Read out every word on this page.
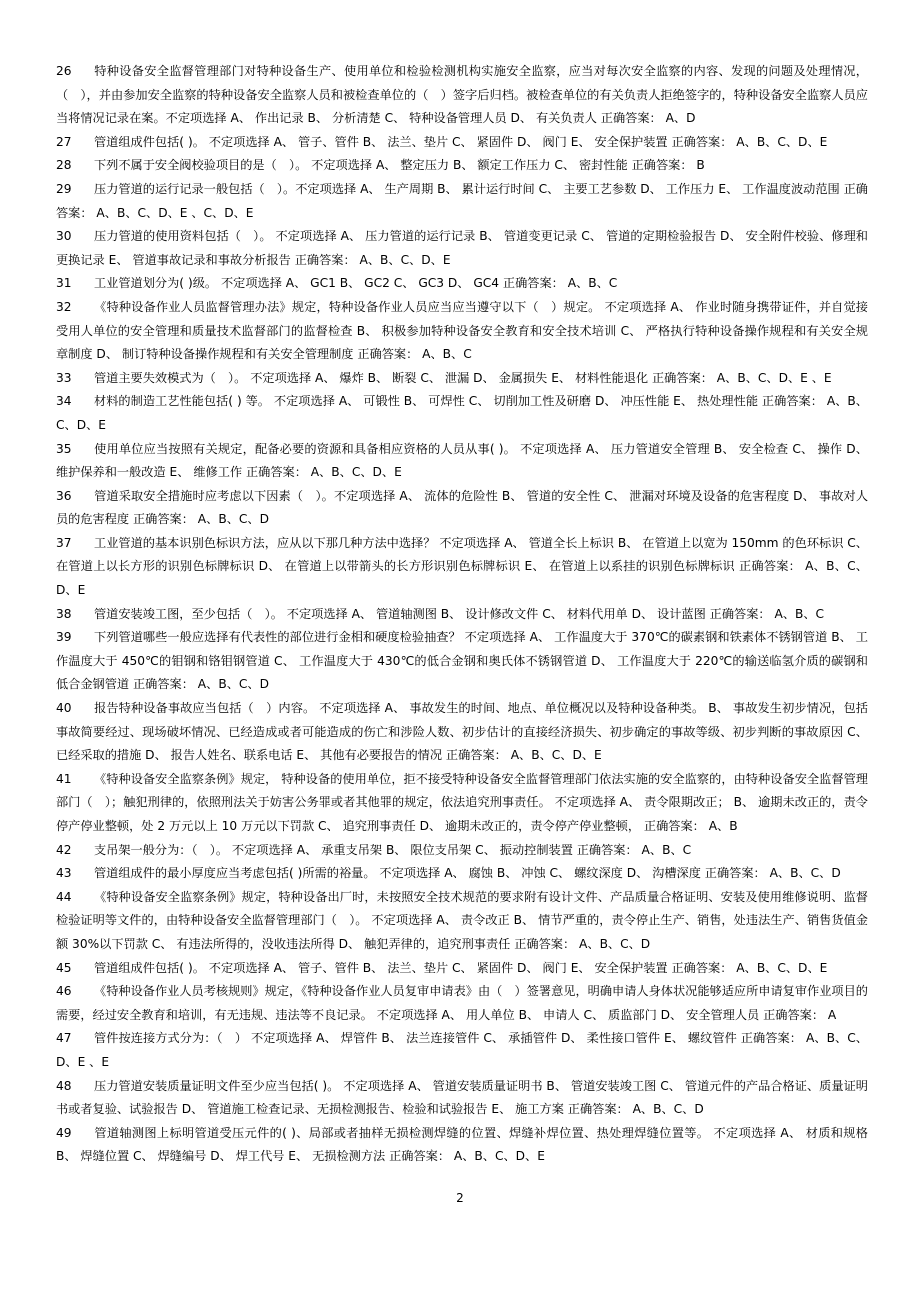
26 特种设备安全监督管理部门对特种设备生产、使用单位和检验检测机构实施安全监察，应当对每次安全监察的内容、发现的问题及处理情况，（　），并由参加安全监察的特种设备安全监察人员和被检查单位的（　）签字后归档。被检查单位的有关负责人拒绝签字的，特种设备安全监察人员应当将情况记录在案。不定项选择 A、 作出记录 B、 分析清楚 C、 特种设备管理人员 D、 有关负责人 正确答案： A、D

27 管道组成件包括( )。 不定项选择 A、 管子、管件 B、 法兰、垫片 C、 紧固件 D、 阀门 E、 安全保护装置 正确答案： A、B、C、D、E

28 下列不属于安全阀校验项目的是（　）。 不定项选择 A、 整定压力 B、 额定工作压力 C、 密封性能 正确答案： B

29 压力管道的运行记录一般包括（　）。不定项选择 A、 生产周期 B、 累计运行时间 C、 主要工艺参数 D、 工作压力 E、 工作温度波动范围 正确答案： A、B、C、D、E 、C、D、E

30 压力管道的使用资料包括（　）。 不定项选择 A、 压力管道的运行记录 B、 管道变更记录 C、 管道的定期检验报告 D、 安全附件校验、修理和更换记录 E、 管道事故记录和事故分析报告 正确答案： A、B、C、D、E

31 工业管道划分为( )级。 不定项选择 A、 GC1 B、 GC2 C、 GC3 D、 GC4 正确答案： A、B、C

32 《特种设备作业人员监督管理办法》规定，特种设备作业人员应当应当遵守以下（　）规定。 不定项选择 A、 作业时随身携带证件，并自觉接受用人单位的安全管理和质量技术监督部门的监督检查 B、 积极参加特种设备安全教育和安全技术培训 C、 严格执行特种设备操作规程和有关安全规章制度 D、 制订特种设备操作规程和有关安全管理制度 正确答案： A、B、C

33 管道主要失效模式为（　）。 不定项选择 A、 爆炸 B、 断裂 C、 泄漏 D、 金属损失 E、 材料性能退化 正确答案： A、B、C、D、E 、E

34 材料的制造工艺性能包括( ) 等。 不定项选择 A、 可锻性 B、 可焊性 C、 切削加工性及研磨 D、 冲压性能 E、 热处理性能 正确答案： A、B、C、D、E

35 使用单位应当按照有关规定，配备必要的资源和具备相应资格的人员从事( )。 不定项选择 A、 压力管道安全管理 B、 安全检查 C、 操作 D、 维护保养和一般改造 E、 维修工作 正确答案： A、B、C、D、E

36 管道采取安全措施时应考虑以下因素（　）。不定项选择 A、 流体的危险性 B、 管道的安全性 C、 泄漏对环境及设备的危害程度 D、 事故对人员的危害程度 正确答案： A、B、C、D

37 工业管道的基本识别色标识方法，应从以下那几种方法中选择？ 不定项选择 A、 管道全长上标识 B、 在管道上以宽为 150mm 的色环标识 C、 在管道上以长方形的识别色标牌标识 D、 在管道上以带箭头的长方形识别色标牌标识 E、 在管道上以系挂的识别色标牌标识 正确答案： A、B、C、D、E

38 管道安装竣工图，至少包括（　）。 不定项选择 A、 管道轴测图 B、 设计修改文件 C、 材料代用单 D、 设计蓝图 正确答案： A、B、C

39 下列管道哪些一般应选择有代表性的部位进行金相和硬度检验抽查？ 不定项选择 A、 工作温度大于 370℃的碳素钢和铁素体不锈钢管道 B、 工作温度大于 450℃的钼钢和铬钼钢管道 C、 工作温度大于 430℃的低合金钢和奥氏体不锈钢管道 D、 工作温度大于 220℃的输送临氢介质的碳钢和低合金钢管道 正确答案： A、B、C、D

40 报告特种设备事故应当包括（　）内容。 不定项选择 A、 事故发生的时间、地点、单位概况以及特种设备种类。 B、 事故发生初步情况，包括事故简要经过、现场破坏情况、已经造成或者可能造成的伤亡和涉险人数、初步估计的直接经济损失、初步确定的事故等级、初步判断的事故原因 C、 已经采取的措施 D、 报告人姓名、联系电话 E、 其他有必要报告的情况 正确答案： A、B、C、D、E

41 《特种设备安全监察条例》规定， 特种设备的使用单位，拒不接受特种设备安全监督管理部门依法实施的安全监察的，由特种设备安全监督管理部门（　）；触犯刑律的，依照刑法关于妨害公务罪或者其他罪的规定，依法追究刑事责任。 不定项选择 A、 责令限期改正； B、 逾期未改正的，责令停产停业整顿，处 2 万元以上 10 万元以下罚款 C、 追究刑事责任 D、 逾期未改正的，责令停产停业整顿， 正确答案： A、B

42 支吊架一般分为：（　）。 不定项选择 A、 承重支吊架 B、 限位支吊架 C、 振动控制装置 正确答案： A、B、C

43 管道组成件的最小厚度应当考虑包括( )所需的裕量。 不定项选择 A、 腐蚀 B、 冲蚀 C、 螺纹深度 D、 沟槽深度 正确答案： A、B、C、D

44 《特种设备安全监察条例》规定，特种设备出厂时，未按照安全技术规范的要求附有设计文件、产品质量合格证明、安装及使用维修说明、监督检验证明等文件的，由特种设备安全监督管理部门（　）。 不定项选择 A、 责令改正 B、 情节严重的，责令停止生产、销售，处违法生产、销售货值金额 30%以下罚款 C、 有违法所得的，没收违法所得 D、 触犯弄律的，追究刑事责任 正确答案： A、B、C、D

45 管道组成件包括( )。 不定项选择 A、 管子、管件 B、 法兰、垫片 C、 紧固件 D、 阀门 E、 安全保护装置 正确答案： A、B、C、D、E

46 《特种设备作业人员考核规则》规定，《特种设备作业人员复审申请表》由（　）签署意见，明确申请人身体状况能够适应所申请复审作业项目的需要，经过安全教育和培训，有无违规、违法等不良记录。 不定项选择 A、 用人单位 B、 申请人 C、 质监部门 D、 安全管理人员 正确答案： A

47 管件按连接方式分为：（　） 不定项选择 A、 焊管件 B、 法兰连接管件 C、 承插管件 D、 柔性接口管件 E、 螺纹管件 正确答案： A、B、C、D、E 、E

48 压力管道安装质量证明文件至少应当包括( )。 不定项选择 A、 管道安装质量证明书 B、 管道安装竣工图 C、 管道元件的产品合格证、质量证明书或者复验、试验报告 D、 管道施工检查记录、无损检测报告、检验和试验报告 E、 施工方案 正确答案： A、B、C、D

49 管道轴测图上标明管道受压元件的( )、局部或者抽样无损检测焊缝的位置、焊缝补焊位置、热处理焊缝位置等。 不定项选择 A、 材质和规格 B、 焊缝位置 C、 焊缝编号 D、 焊工代号 E、 无损检测方法 正确答案： A、B、C、D、E

2
